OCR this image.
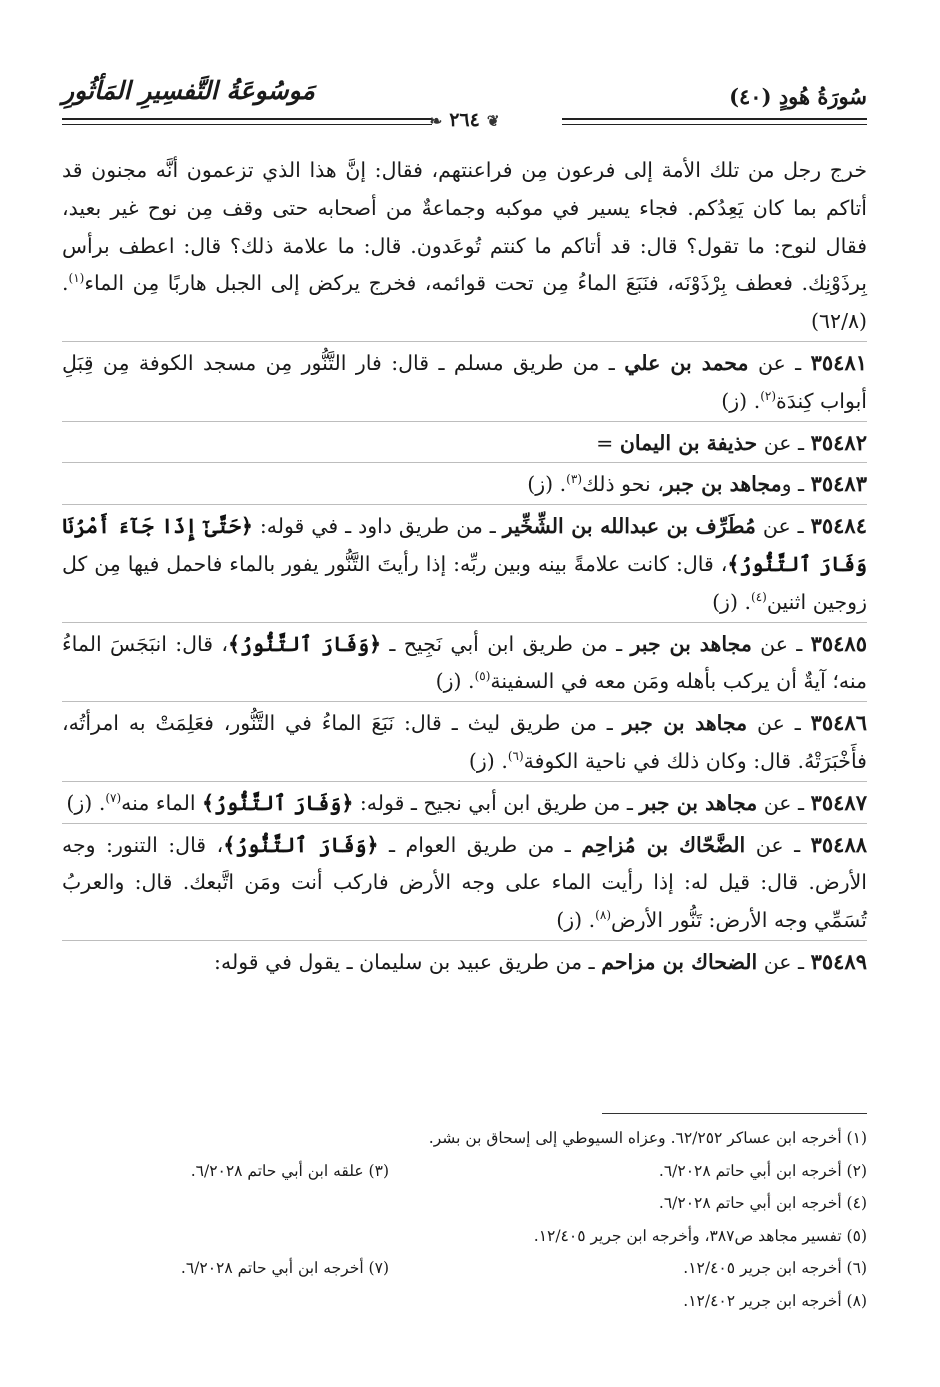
سُورَةُ هُودٍ (٤٠)
مَوسُوعَةُ التَّفسِيرِ المَأثُورِ
❦٢٦٤❧

خرج رجل من تلك الأمة إلى فرعون مِن فراعنتهم، فقال: إنَّ هذا الذي تزعمون أنَّه مجنون قد أتاكم بما كان يَعِدُكم. فجاء يسير في موكبه وجماعةٌ من أصحابه حتى وقف مِن نوح غير بعيد، فقال لنوح: ما تقول؟ قال: قد أتاكم ما كنتم تُوعَدون. قال: ما علامة ذلك؟ قال: اعطف برأس بِرذَوْنِك. فعطف بِرْذَوْنَه، فنَبَعَ الماءُ مِن تحت قوائمه، فخرج يركض إلى الجبل هاربًا مِن الماء$^{(١)}$. (٦٢/٨)

٣٥٤٨١ ـ عن محمد بن علي ـ من طريق مسلم ـ قال: فار التَّنُّور مِن مسجد الكوفة مِن قِبَلِ أبواب كِندَة$^{(٢)}$. (ز)

٣٥٤٨٢ ـ عن حذيفة بن اليمان =

٣٥٤٨٣ ـ ومجاهد بن جبر، نحو ذلك$^{(٣)}$. (ز)

٣٥٤٨٤ ـ عن مُطَرِّف بن عبدالله بن الشِّخِّير ـ من طريق داود ـ في قوله: ﴿حَتَّىٰٓ إِذَا جَآءَ أَمْرُنَا وَفَارَ ٱلتَّنُّورُ﴾، قال: كانت علامةً بينه وبين ربِّه: إذا رأيتَ التَّنُّور يفور بالماء فاحمل فيها مِن كل زوجين اثنين$^{(٤)}$. (ز)

٣٥٤٨٥ ـ عن مجاهد بن جبر ـ من طريق ابن أبي نَجِيح ـ ﴿وَفَارَ ٱلتَّنُّورُ﴾، قال: انبَجَسَ الماءُ منه؛ آيةٌ أن يركب بأهله ومَن معه في السفينة$^{(٥)}$. (ز)

٣٥٤٨٦ ـ عن مجاهد بن جبر ـ من طريق ليث ـ قال: نَبَعَ الماءُ في التَّنُّور، فعَلِمَتْ به امرأتُه، فأَخْبَرَتْهُ. قال: وكان ذلك في ناحية الكوفة$^{(٦)}$. (ز)

٣٥٤٨٧ ـ عن مجاهد بن جبر ـ من طريق ابن أبي نجيح ـ قوله: ﴿وَفَارَ ٱلتَّنُّورُ﴾ الماء منه$^{(٧)}$. (ز)

٣٥٤٨٨ ـ عن الضَّحّاك بن مُزاحِم ـ من طريق العوام ـ ﴿وَفَارَ ٱلتَّنُّورُ﴾، قال: التنور: وجه الأرض. قال: قيل له: إذا رأيت الماء على وجه الأرض فاركب أنت ومَن اتَّبعك. قال: والعربُ تُسَمِّي وجه الأرض: تَنُّور الأرض$^{(٨)}$. (ز)

٣٥٤٨٩ ـ عن الضحاك بن مزاحم ـ من طريق عبيد بن سليمان ـ يقول في قوله:

(١) أخرجه ابن عساكر ٦٢/٢٥٢. وعزاه السيوطي إلى إسحاق بن بشر.
(٢) أخرجه ابن أبي حاتم ٦/٢٠٢٨.
(٣) علقه ابن أبي حاتم ٦/٢٠٢٨.
(٤) أخرجه ابن أبي حاتم ٦/٢٠٢٨.
(٥) تفسير مجاهد ص٣٨٧، وأخرجه ابن جرير ١٢/٤٠٥.
(٦) أخرجه ابن جرير ١٢/٤٠٥.
(٧) أخرجه ابن أبي حاتم ٦/٢٠٢٨.
(٨) أخرجه ابن جرير ١٢/٤٠٢.
